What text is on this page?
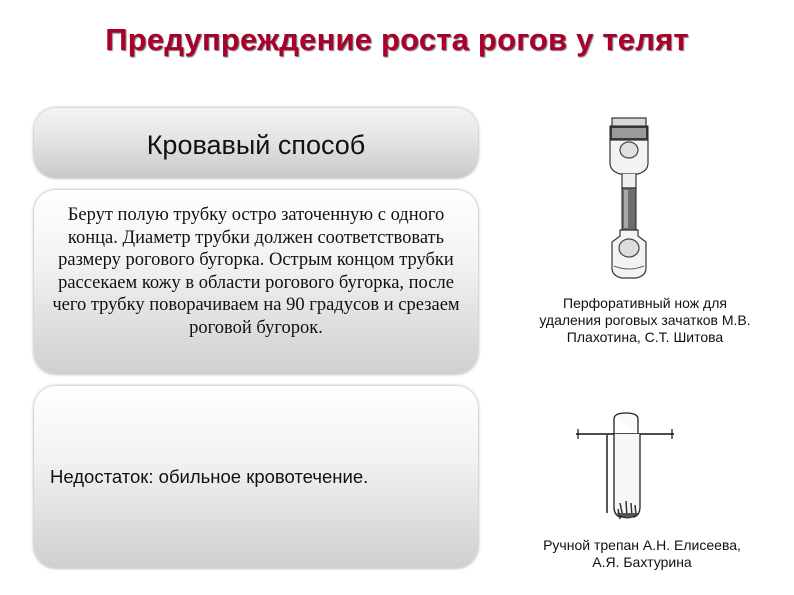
Предупреждение роста рогов у телят
Кровавый способ
Берут полую трубку остро заточенную с одного конца. Диаметр трубки должен соответствовать размеру рогового бугорка. Острым концом трубки рассекаем кожу в области рогового бугорка, после чего трубку поворачиваем на 90 градусов и срезаем роговой бугорок.
Недостаток: обильное кровотечение.
Перфоративный нож для
удаления роговых зачатков М.В.
Плахотина, С.Т. Шитова
Ручной трепан А.Н. Елисеева,
А.Я. Бахтурина
